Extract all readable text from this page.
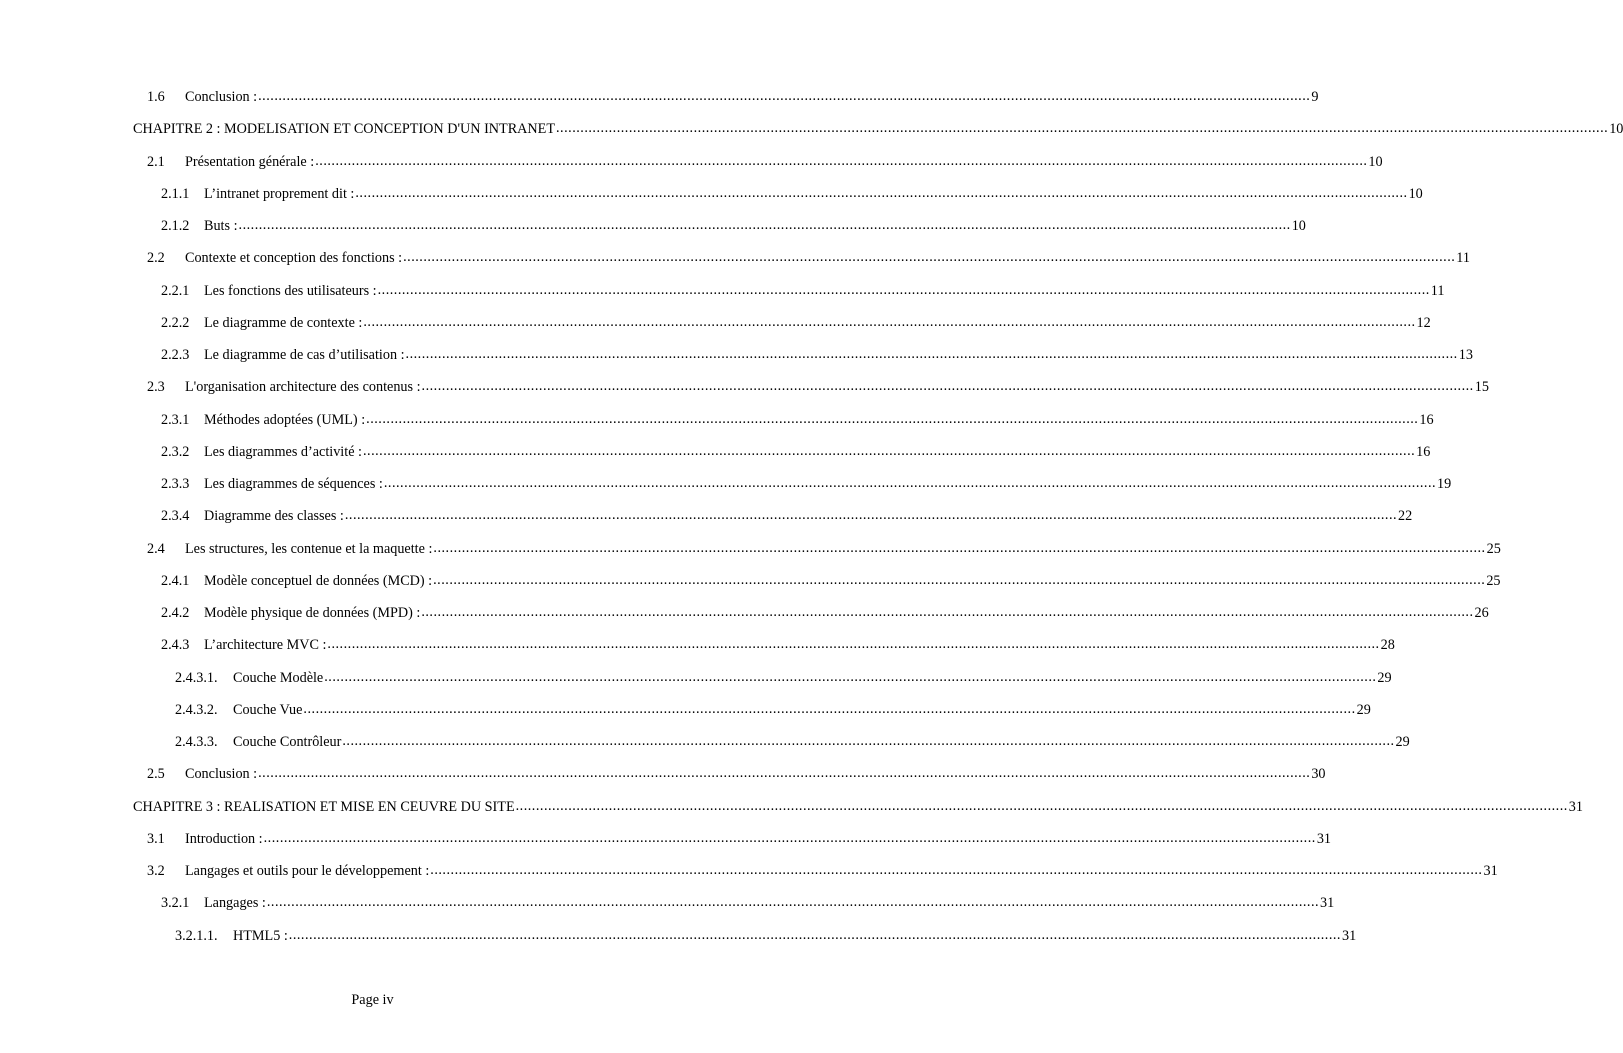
1.6	Conclusion : .................................................................................................................................................................................................................................................................... 9
CHAPITRE 2 : MODELISATION ET CONCEPTION D'UN INTRANET .................................................................................................................................................................................................................................................................... 10
2.1	Présentation générale : .................................................................................................................................................................................................................................................................... 10
2.1.1	L’intranet proprement dit : .................................................................................................................................................................................................................................................................... 10
2.1.2	Buts : .................................................................................................................................................................................................................................................................... 10
2.2	Contexte et conception des fonctions : .................................................................................................................................................................................................................................................................... 11
2.2.1	Les fonctions des utilisateurs : .................................................................................................................................................................................................................................................................... 11
2.2.2	Le diagramme de contexte : .................................................................................................................................................................................................................................................................... 12
2.2.3	Le diagramme de cas d’utilisation : .................................................................................................................................................................................................................................................................... 13
2.3	L'organisation architecture des contenus : .................................................................................................................................................................................................................................................................... 15
2.3.1	Méthodes adoptées (UML) : .................................................................................................................................................................................................................................................................... 16
2.3.2	Les diagrammes d’activité : .................................................................................................................................................................................................................................................................... 16
2.3.3	Les diagrammes de séquences : .................................................................................................................................................................................................................................................................... 19
2.3.4	Diagramme des classes : .................................................................................................................................................................................................................................................................... 22
2.4	Les structures, les contenue et la maquette : .................................................................................................................................................................................................................................................................... 25
2.4.1	Modèle conceptuel de données (MCD) : .................................................................................................................................................................................................................................................................... 25
2.4.2	Modèle physique de données (MPD) : .................................................................................................................................................................................................................................................................... 26
2.4.3	L’architecture MVC : .................................................................................................................................................................................................................................................................... 28
2.4.3.1.	Couche Modèle .................................................................................................................................................................................................................................................................... 29
2.4.3.2.	Couche Vue .................................................................................................................................................................................................................................................................... 29
2.4.3.3.	Couche Contrôleur .................................................................................................................................................................................................................................................................... 29
2.5	Conclusion : .................................................................................................................................................................................................................................................................... 30
CHAPITRE 3 : REALISATION ET MISE EN CEUVRE DU SITE .................................................................................................................................................................................................................................................................... 31
3.1	Introduction : .................................................................................................................................................................................................................................................................... 31
3.2	Langages et outils pour le développement : .................................................................................................................................................................................................................................................................... 31
3.2.1	Langages : .................................................................................................................................................................................................................................................................... 31
3.2.1.1.	HTML5 : .................................................................................................................................................................................................................................................................... 31
Page iv
